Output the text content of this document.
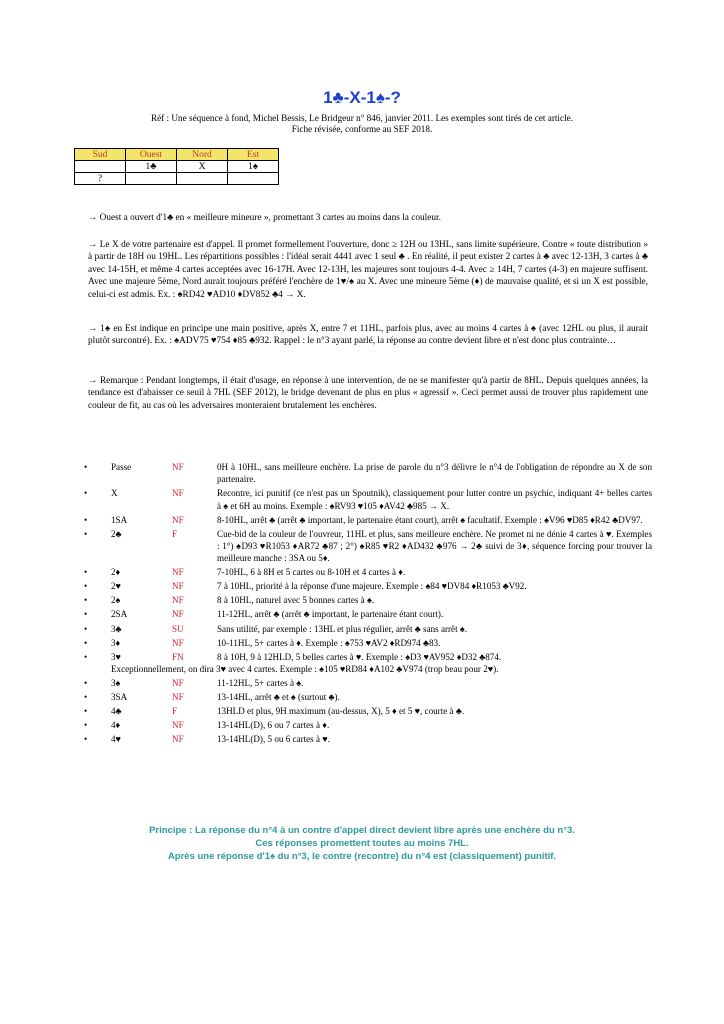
1♣-X-1♠-?
Réf : Une séquence à fond, Michel Bessis, Le Bridgeur n° 846, janvier 2011. Les exemples sont tirés de cet article.
Fiche révisée, conforme au SEF 2018.
Sud	Ouest	Nord	Est
	1♣	X	1♠
?			
→ Ouest a ouvert d'1♣ en « meilleure mineure », promettant 3 cartes au moins dans la couleur.
→ Le X de votre partenaire est d'appel. Il promet formellement l'ouverture, donc ≥ 12H ou 13HL, sans limite supérieure. Contre « toute distribution » à partir de 18H ou 19HL. Les répartitions possibles : l'idéal serait 4441 avec 1 seul ♣ . En réalité, il peut exister 2 cartes à ♣ avec 12-13H, 3 cartes à ♣ avec 14-15H, et même 4 cartes acceptées avec 16-17H. Avec 12-13H, les majeures sont toujours 4-4. Avec ≥ 14H, 7 cartes (4-3) en majeure suffisent. Avec une majeure 5ème, Nord aurait toujours préféré l'enchère de 1♥/♠ au X. Avec une mineure 5ème (♦) de mauvaise qualité, et si un X est possible, celui-ci est admis. Ex. : ♠RD42 ♥AD10 ♦DV852 ♣4 → X.
→ 1♠ en Est indique en principe une main positive, après X, entre 7 et 11HL, parfois plus, avec au moins 4 cartes à ♠ (avec 12HL ou plus, il aurait plutôt surcontré). Ex. : ♠ADV75 ♥754 ♦85 ♣932. Rappel : le n°3 ayant parlé, la réponse au contre devient libre et n'est donc plus contrainte…
→ Remarque : Pendant longtemps, il était d'usage, en réponse à une intervention, de ne se manifester qu'à partir de 8HL. Depuis quelques années, la tendance est d'abaisser ce seuil à 7HL (SEF 2012), le bridge devenant de plus en plus « agressif ». Ceci permet aussi de trouver plus rapidement une couleur de fit, au cas où les adversaires monteraient brutalement les enchères.
•	Passe	NF	0H à 10HL, sans meilleure enchère. La prise de parole du n°3 délivre le n°4 de l'obligation de répondre au X de son partenaire.
•	X	NF	Recontre, ici punitif (ce n'est pas un Spoutnik), classiquement pour lutter contre un psychic, indiquant 4+ belles cartes à ♠ et 6H au moins. Exemple : ♠RV93 ♥105 ♦AV42 ♣985 → X.
•	1SA	NF	8-10HL, arrêt ♣ (arrêt ♣ important, le partenaire étant court), arrêt ♠ facultatif. Exemple : ♠V96 ♥D85 ♦R42 ♣DV97.
•	2♣	F	Cue-bid de la couleur de l'ouvreur, 11HL et plus, sans meilleure enchère. Ne promet ni ne dénie 4 cartes à ♥. Exemples : 1°) ♠D93 ♥R1053 ♦AR72 ♣87 ; 2°) ♠R85 ♥R2 ♦AD432 ♣976 → 2♣ suivi de 3♦, séquence forcing pour trouver la meilleure manche : 3SA ou 5♦.
•	2♦	NF	7-10HL, 6 à 8H et 5 cartes ou 8-10H et 4 cartes à ♦.
•	2♥	NF	7 à 10HL, priorité à la réponse d'une majeure. Exemple : ♠84 ♥DV84 ♦R1053 ♣V92.
•	2♠	NF	8 à 10HL, naturel avec 5 bonnes cartes à ♠.
•	2SA	NF	11-12HL, arrêt ♣ (arrêt ♣ important, le partenaire étant court).
•	3♣	SU	Sans utilité, par exemple : 13HL et plus régulier, arrêt ♣ sans arrêt ♠.
•	3♦	NF	10-11HL, 5+ cartes à ♦. Exemple : ♠753 ♥AV2 ♦RD974 ♣83.
•	3♥	FN	8 à 10H, 9 à 12HLD, 5 belles cartes à ♥. Exemple : ♠D3 ♥AV952 ♦D32 ♣874.
Exceptionnellement, on dira 3♥ avec 4 cartes. Exemple : ♠105 ♥RD84 ♦A102 ♣V974 (trop beau pour 2♥).
•	3♠	NF	11-12HL, 5+ cartes à ♠.
•	3SA	NF	13-14HL, arrêt ♣ et ♠ (surtout ♣).
•	4♣	F	13HLD et plus, 9H maximum (au-dessus, X), 5 ♦ et 5 ♥, courte à ♣.
•	4♦	NF	13-14HL(D), 6 ou 7 cartes à ♦.
•	4♥	NF	13-14HL(D), 5 ou 6 cartes à ♥.
Principe : La réponse du n°4 à un contre d'appel direct devient libre après une enchère du n°3.
Ces réponses promettent toutes au moins 7HL.
Après une réponse d'1♠ du n°3, le contre (recontre) du n°4 est (classiquement) punitif.
